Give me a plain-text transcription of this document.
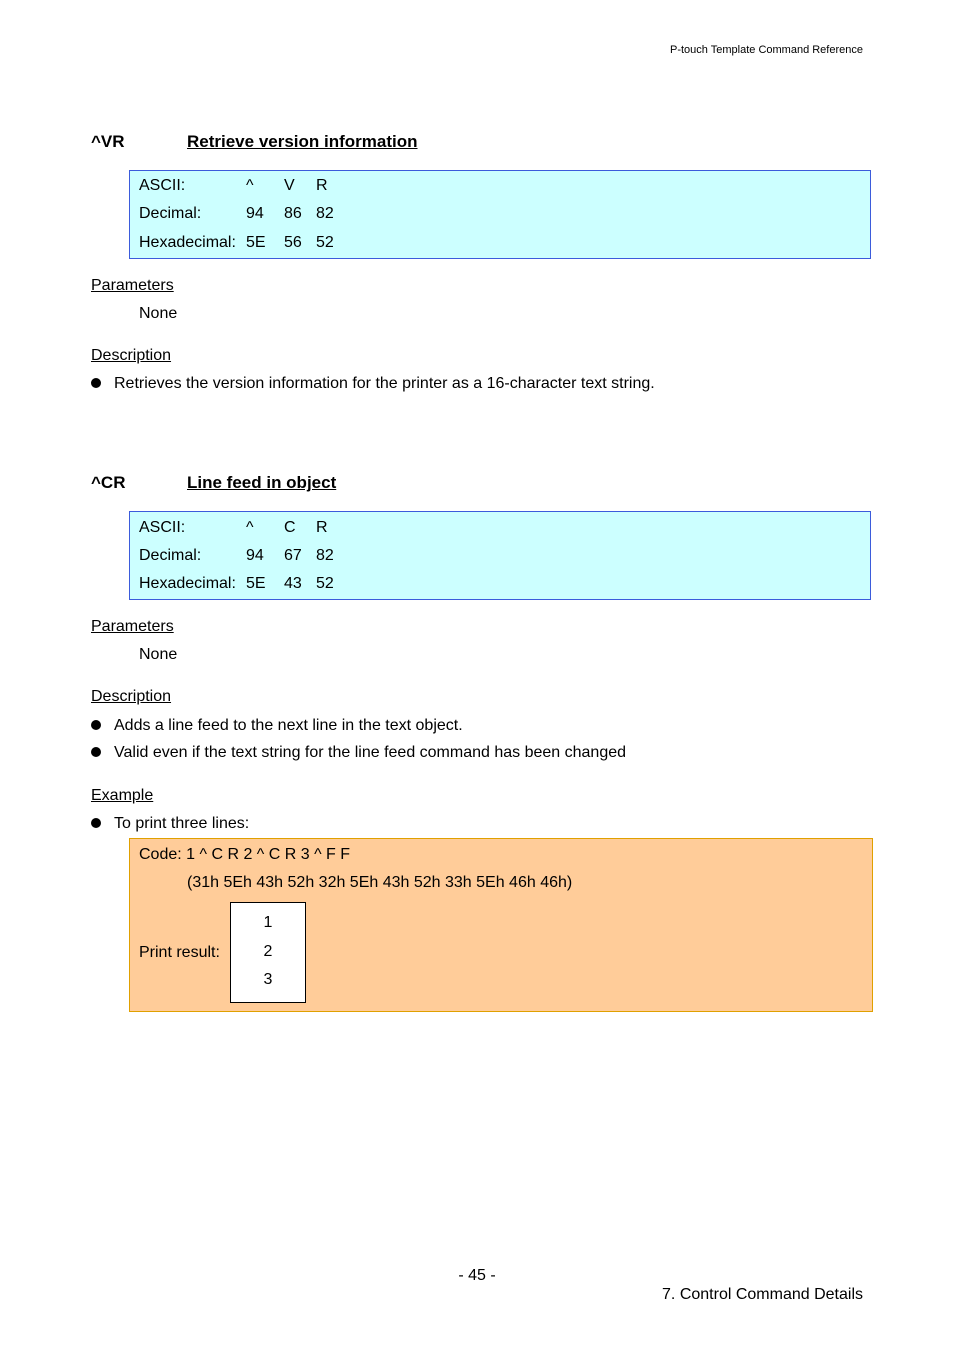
P-touch Template Command Reference
^VR	Retrieve version information
ASCII:	^ V R
Decimal:	94 86 82
Hexadecimal: 5E 56 52
Parameters
None
Description
Retrieves the version information for the printer as a 16-character text string.
^CR	Line feed in object
ASCII:	^ C R
Decimal:	94 67 82
Hexadecimal: 5E 43 52
Parameters
None
Description
Adds a line feed to the next line in the text object.
Valid even if the text string for the line feed command has been changed
Example
To print three lines:
Code: 1 ^ C R 2 ^ C R 3 ^ F F
(31h 5Eh 43h 52h 32h 5Eh 43h 52h 33h 5Eh 46h 46h)
Print result:
1
2
3
- 45 -
7. Control Command Details
